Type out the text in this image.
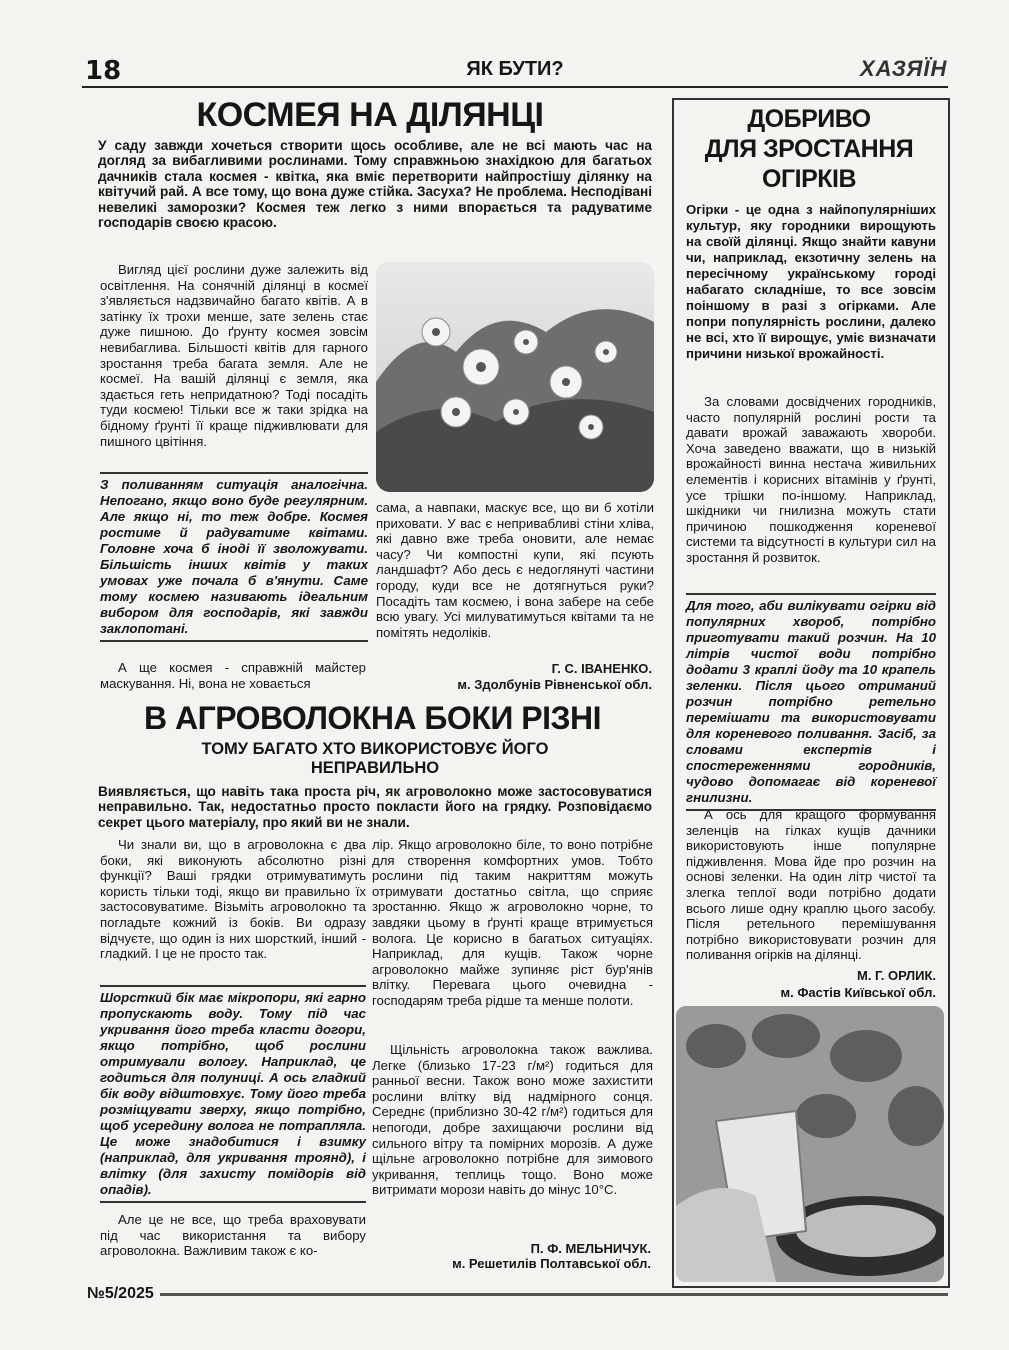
18	ЯК БУТИ?	ХАЗЯЇН
КОСМЕЯ НА ДІЛЯНЦІ

У саду завжди хочеться створити щось особливе, але не всі мають час на догляд за вибагливими рослинами. Тому справжньою знахідкою для багатьох дачників стала космея - квітка, яка вміє перетворити найпростішу ділянку на квітучий рай. А все тому, що вона дуже стійка. Засуха? Не проблема. Несподівані невеликі заморозки? Космея теж легко з ними впорається та радуватиме господарів своєю красою.

Вигляд цієї рослини дуже залежить від освітлення. На сонячній ділянці в космеї з'являється надзвичайно багато квітів. А в затінку їх трохи менше, зате зелень стає дуже пишною. До ґрунту космея зовсім невибаглива. Більшості квітів для гарного зростання треба багата земля. Але не космеї. На вашій ділянці є земля, яка здається геть непридатною? Тоді посадіть туди космею! Тільки все ж таки зрідка на бідному ґрунті її краще підживлювати для пишного цвітіння.

З поливанням ситуація аналогічна. Непогано, якщо воно буде регулярним. Але якщо ні, то теж добре. Космея ростиме й радуватиме квітами. Головне хоча б іноді її зволожувати. Більшість інших квітів у таких умовах уже почала б в'янути. Саме тому космею називають ідеальним вибором для господарів, які завжди заклопотані.

А ще космея - справжній майстер маскування. Ні, вона не ховається

сама, а навпаки, маскує все, що ви б хотіли приховати. У вас є непривабливі стіни хліва, які давно вже треба оновити, але немає часу? Чи компостні купи, які псують ландшафт? Або десь є недоглянуті частини городу, куди все не дотягнуться руки? Посадіть там космею, і вона забере на себе всю увагу. Усі милуватимуться квітами та не помітять недоліків.

Г. С. ІВАНЕНКО.

м. Здолбунів Рівненської обл.

В АГРОВОЛОКНА БОКИ РІЗНІ
ТОМУ БАГАТО ХТО ВИКОРИСТОВУЄ ЙОГО НЕПРАВИЛЬНО

Виявляється, що навіть така проста річ, як агроволокно може застосовуватися неправильно. Так, недостатньо просто покласти його на грядку. Розповідаємо секрет цього матеріалу, про який ви не знали.

Чи знали ви, що в агроволокна є два боки, які виконують абсолютно різні функції? Ваші грядки отримуватимуть користь тільки тоді, якщо ви правильно їх застосовуватиме. Візьміть агроволокно та погладьте кожний із боків. Ви одразу відчуєте, що один із них шорсткий, інший - гладкий. І це не просто так.

Шорсткий бік має мікропори, які гарно пропускають воду. Тому під час укривання його треба класти догори, якщо потрібно, щоб рослини отримували вологу. Наприклад, це годиться для полуниці. А ось гладкий бік воду відштовхує. Тому його треба розміщувати зверху, якщо потрібно, щоб усередину волога не потрапляла. Це може знадобитися і взимку (наприклад, для укривання троянд), і влітку (для захисту помідорів від опадів).

Але це не все, що треба враховувати під час використання та вибору агроволокна. Важливим також є ко-

лір. Якщо агроволокно біле, то воно потрібне для створення комфортних умов. Тобто рослини під таким накриттям можуть отримувати достатньо світла, що сприяє зростанню. Якщо ж агроволокно чорне, то завдяки цьому в ґрунті краще втримується волога. Це корисно в багатьох ситуаціях. Наприклад, для кущів. Також чорне агроволокно майже зупиняє ріст бур'янів влітку. Перевага цього очевидна - господарям треба рідше та менше полоти.

Щільність агроволокна також важлива. Легке (близько 17-23 г/м²) годиться для ранньої весни. Також воно може захистити рослини влітку від надмірного сонця. Середнє (приблизно 30-42 г/м²) годиться для непогоди, добре захищаючи рослини від сильного вітру та помірних морозів. А дуже щільне агроволокно потрібне для зимового укривання, теплиць тощо. Воно може витримати морози навіть до мінус 10°С.

П. Ф. МЕЛЬНИЧУК.

м. Решетилів Полтавської обл.

ДОБРИВО
ДЛЯ ЗРОСТАННЯ
ОГІРКІВ

Огірки - це одна з найпопулярніших культур, яку городники вирощують на своїй ділянці. Якщо знайти кавуни чи, наприклад, екзотичну зелень на пересічному українському городі набагато складніше, то все зовсім поіншому в разі з огірками. Але попри популярність рослини, далеко не всі, хто її вирощує, уміє визначати причини низької врожайності.

За словами досвідчених городників, часто популярній рослині рости та давати врожай заважають хвороби. Хоча заведено вважати, що в низькій врожайності винна нестача живильних елементів і корисних вітамінів у ґрунті, усе трішки по-іншому. Наприклад, шкідники чи гнилизна можуть стати причиною пошкодження кореневої системи та відсутності в культури сил на зростання й розвиток.

Для того, аби вилікувати огірки від популярних хвороб, потрібно приготувати такий розчин. На 10 літрів чистої води потрібно додати 3 краплі йоду та 10 крапель зеленки. Після цього отриманий розчин потрібно ретельно перемішати та використовувати для кореневого поливання. Засіб, за словами експертів і спостереженнями городників, чудово допомагає від кореневої гнилизни.

А ось для кращого формування зеленців на гілках кущів дачники використовують інше популярне підживлення. Мова йде про розчин на основі зеленки. На один літр чистої та злегка теплої води потрібно додати всього лише одну краплю цього засобу. Після ретельного перемішування потрібно використовувати розчин для поливання огірків на ділянці.

М. Г. ОРЛИК.

м. Фастів Київської обл.

№5/2025
